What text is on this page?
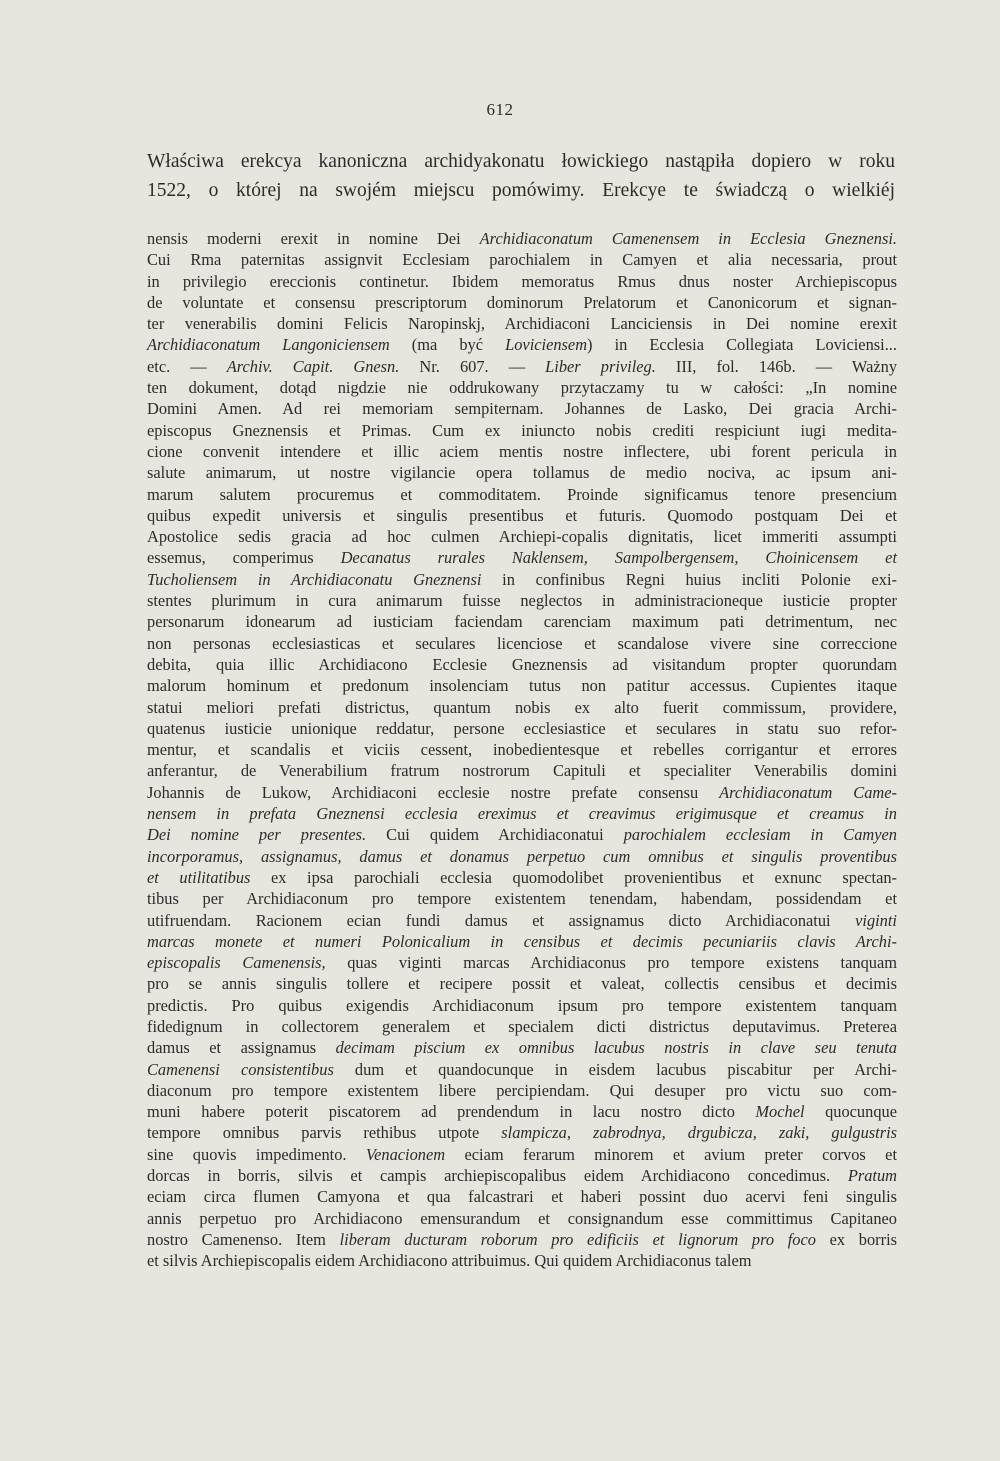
612
Właściwa erekcya kanoniczna archidyakonatu łowickiego nastąpiła dopiero w roku
1522, o której na swojém miejscu pomówimy. Erekcye te świadczą o wielkiéj
nensis moderni erexit in nomine Dei Archidiaconatum Camenensem in Ecclesia Gneznensi.
Cui Rma paternitas assignvit Ecclesiam parochialem in Camyen et alia necessaria, prout
in privilegio ereccionis continetur. Ibidem memoratus Rmus dnus noster Archiepiscopus
de voluntate et consensu prescriptorum dominorum Prelatorum et Canonicorum et signan-
ter venerabilis domini Felicis Naropinskj, Archidiaconi Lanciciensis in Dei nomine erexit
Archidiaconatum Langoniciensem (ma być Loviciensem) in Ecclesia Collegiata Loviciensi...
etc. — Archiv. Capit. Gnesn. Nr. 607. — Liber privileg. III, fol. 146b. — Ważny
ten dokument, dotąd nigdzie nie oddrukowany przytaczamy tu w całości: „In nomine
Domini Amen. Ad rei memoriam sempiternam. Johannes de Lasko, Dei gracia Archi-
episcopus Gneznensis et Primas. Cum ex iniuncto nobis crediti respiciunt iugi medita-
cione convenit intendere et illic aciem mentis nostre inflectere, ubi forent pericula in
salute animarum, ut nostre vigilancie opera tollamus de medio nociva, ac ipsum ani-
marum salutem procuremus et commoditatem. Proinde significamus tenore presencium
quibus expedit universis et singulis presentibus et futuris. Quomodo postquam Dei et
Apostolice sedis gracia ad hoc culmen Archiepi-copalis dignitatis, licet immeriti assumpti
essemus, comperimus Decanatus rurales Naklensem, Sampolbergensem, Choinicensem et
Tucholiensem in Archidiaconatu Gneznensi in confinibus Regni huius incliti Polonie exi-
stentes plurimum in cura animarum fuisse neglectos in administracioneque iusticie propter
personarum idonearum ad iusticiam faciendam carenciam maximum pati detrimentum, nec
non personas ecclesiasticas et seculares licenciose et scandalose vivere sine correccione
debita, quia illic Archidiacono Ecclesie Gneznensis ad visitandum propter quorundam
malorum hominum et predonum insolenciam tutus non patitur accessus. Cupientes itaque
statui meliori prefati districtus, quantum nobis ex alto fuerit commissum, providere,
quatenus iusticie unionique reddatur, persone ecclesiastice et seculares in statu suo refor-
mentur, et scandalis et viciis cessent, inobedientesque et rebelles corrigantur et errores
anferantur, de Venerabilium fratrum nostrorum Capituli et specialiter Venerabilis domini
Johannis de Lukow, Archidiaconi ecclesie nostre prefate consensu Archidiaconatum Came-
nensem in prefata Gneznensi ecclesia ereximus et creavimus erigimusque et creamus in
Dei nomine per presentes. Cui quidem Archidiaconatui parochialem ecclesiam in Camyen
incorporamus, assignamus, damus et donamus perpetuo cum omnibus et singulis proventibus
et utilitatibus ex ipsa parochiali ecclesia quomodolibet provenientibus et exnunc spectan-
tibus per Archidiaconum pro tempore existentem tenendam, habendam, possidendam et
utifruendam. Racionem ecian fundi damus et assignamus dicto Archidiaconatui viginti
marcas monete et numeri Polonicalium in censibus et decimis pecuniariis clavis Archi-
episcopalis Camenensis, quas viginti marcas Archidiaconus pro tempore existens tanquam
pro se annis singulis tollere et recipere possit et valeat, collectis censibus et decimis
predictis. Pro quibus exigendis Archidiaconum ipsum pro tempore existentem tanquam
fidedignum in collectorem generalem et specialem dicti districtus deputavimus. Preterea
damus et assignamus decimam piscium ex omnibus lacubus nostris in clave seu tenuta
Camenensi consistentibus dum et quandocunque in eisdem lacubus piscabitur per Archi-
diaconum pro tempore existentem libere percipiendam. Qui desuper pro victu suo com-
muni habere poterit piscatorem ad prendendum in lacu nostro dicto Mochel quocunque
tempore omnibus parvis rethibus utpote slampicza, zabrodnya, drgubicza, zaki, gulgustris
sine quovis impedimento. Venacionem eciam ferarum minorem et avium preter corvos et
dorcas in borris, silvis et campis archiepiscopalibus eidem Archidiacono concedimus. Pratum
eciam circa flumen Camyona et qua falcastrari et haberi possint duo acervi feni singulis
annis perpetuo pro Archidiacono emensurandum et consignandum esse committimus Capitaneo
nostro Camenenso. Item liberam ducturam roborum pro edificiis et lignorum pro foco ex borris
et silvis Archiepiscopalis eidem Archidiacono attribuimus. Qui quidem Archidiaconus talem
